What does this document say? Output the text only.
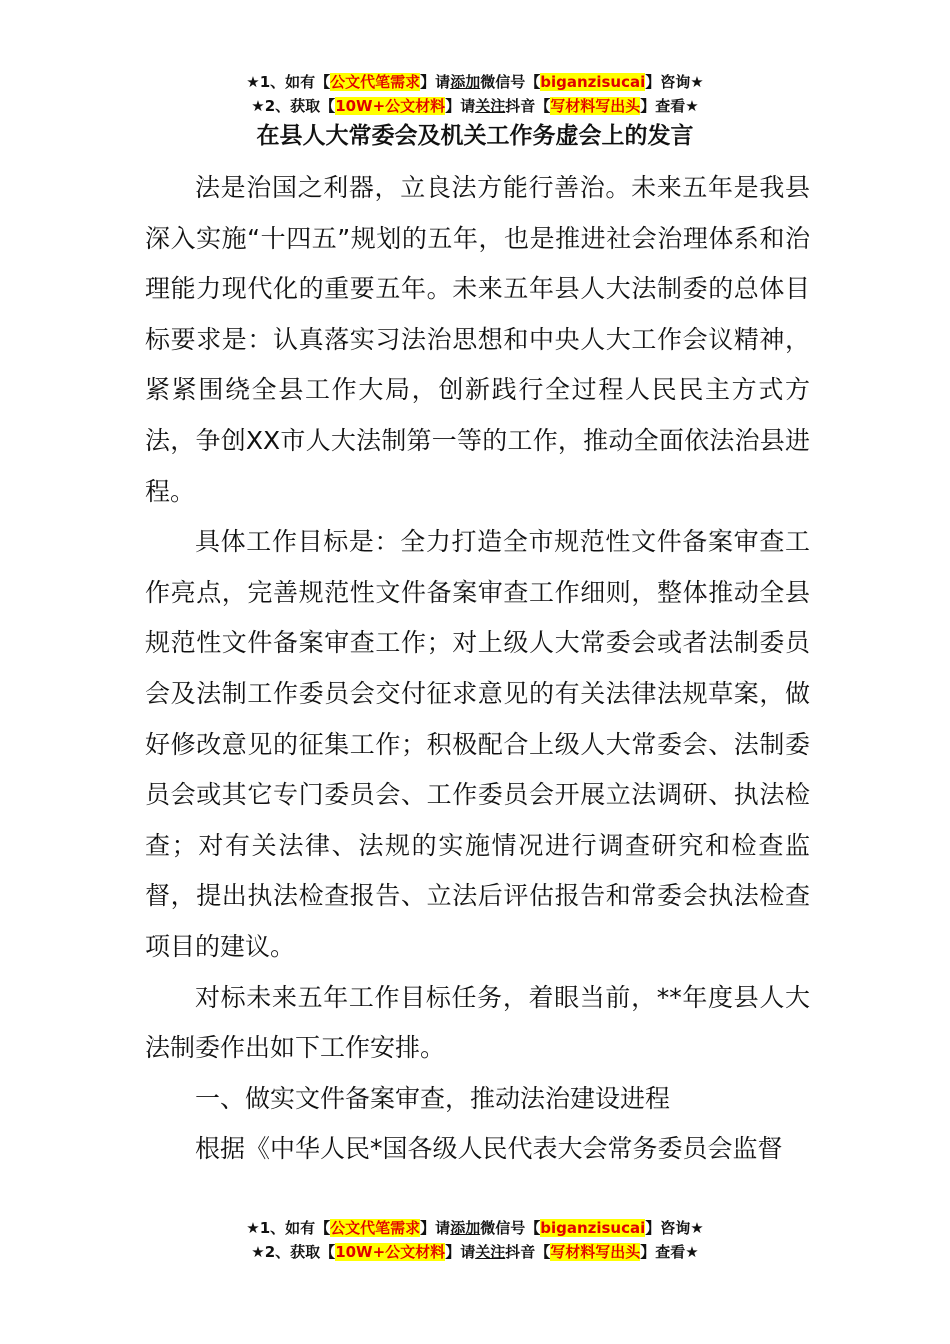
★1、如有【公文代笔需求】请添加微信号【biganzisucai】咨询★
★2、获取【10W+公文材料】请关注抖音【写材料写出头】查看★
在县人大常委会及机关工作务虚会上的发言

法是治国之利器，立良法方能行善治。未来五年是我县深入实施“十四五”规划的五年，也是推进社会治理体系和治理能力现代化的重要五年。未来五年县人大法制委的总体目标要求是：认真落实习法治思想和中央人大工作会议精神，紧紧围绕全县工作大局，创新践行全过程人民民主方式方法，争创XX市人大法制第一等的工作，推动全面依法治县进程。

具体工作目标是：全力打造全市规范性文件备案审查工作亮点，完善规范性文件备案审查工作细则，整体推动全县规范性文件备案审查工作；对上级人大常委会或者法制委员会及法制工作委员会交付征求意见的有关法律法规草案，做好修改意见的征集工作；积极配合上级人大常委会、法制委员会或其它专门委员会、工作委员会开展立法调研、执法检查；对有关法律、法规的实施情况进行调查研究和检查监督，提出执法检查报告、立法后评估报告和常委会执法检查项目的建议。

对标未来五年工作目标任务，着眼当前，**年度县人大法制委作出如下工作安排。

一、做实文件备案审查，推动法治建设进程

根据《中华人民*国各级人民代表大会常务委员会监督

★1、如有【公文代笔需求】请添加微信号【biganzisucai】咨询★
★2、获取【10W+公文材料】请关注抖音【写材料写出头】查看★
